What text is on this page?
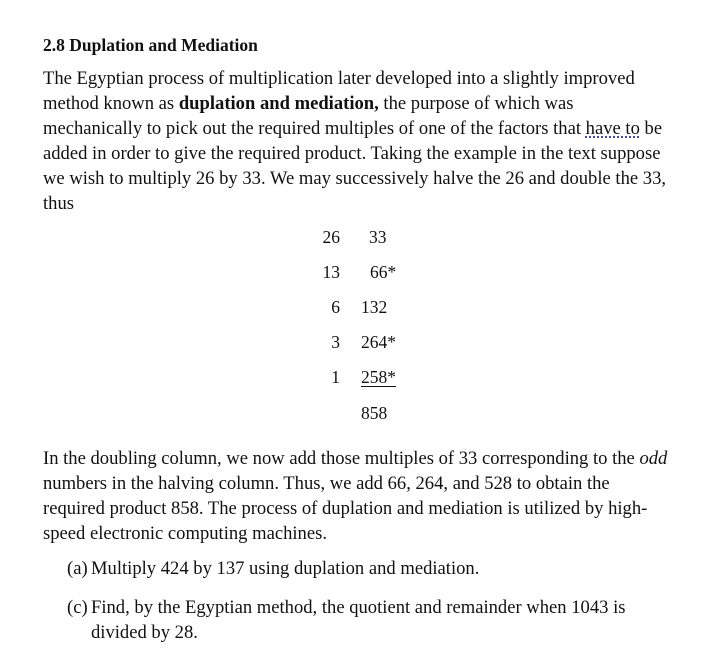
2.8 Duplation and Mediation

The Egyptian process of multiplication later developed into a slightly improved method known as duplation and mediation, the purpose of which was mechanically to pick out the required multiples of one of the factors that have to be added in order to give the required product. Taking the example in the text suppose we wish to multiply 26 by 33. We may successively halve the 26 and double the 33, thus

26 33
13 66*
6 132
3 264*
1 258*
858

In the doubling column, we now add those multiples of 33 corresponding to the odd numbers in the halving column. Thus, we add 66, 264, and 528 to obtain the required product 858. The process of duplation and mediation is utilized by high-speed electronic computing machines.

(a) Multiply 424 by 137 using duplation and mediation.
(c) Find, by the Egyptian method, the quotient and remainder when 1043 is divided by 28.
